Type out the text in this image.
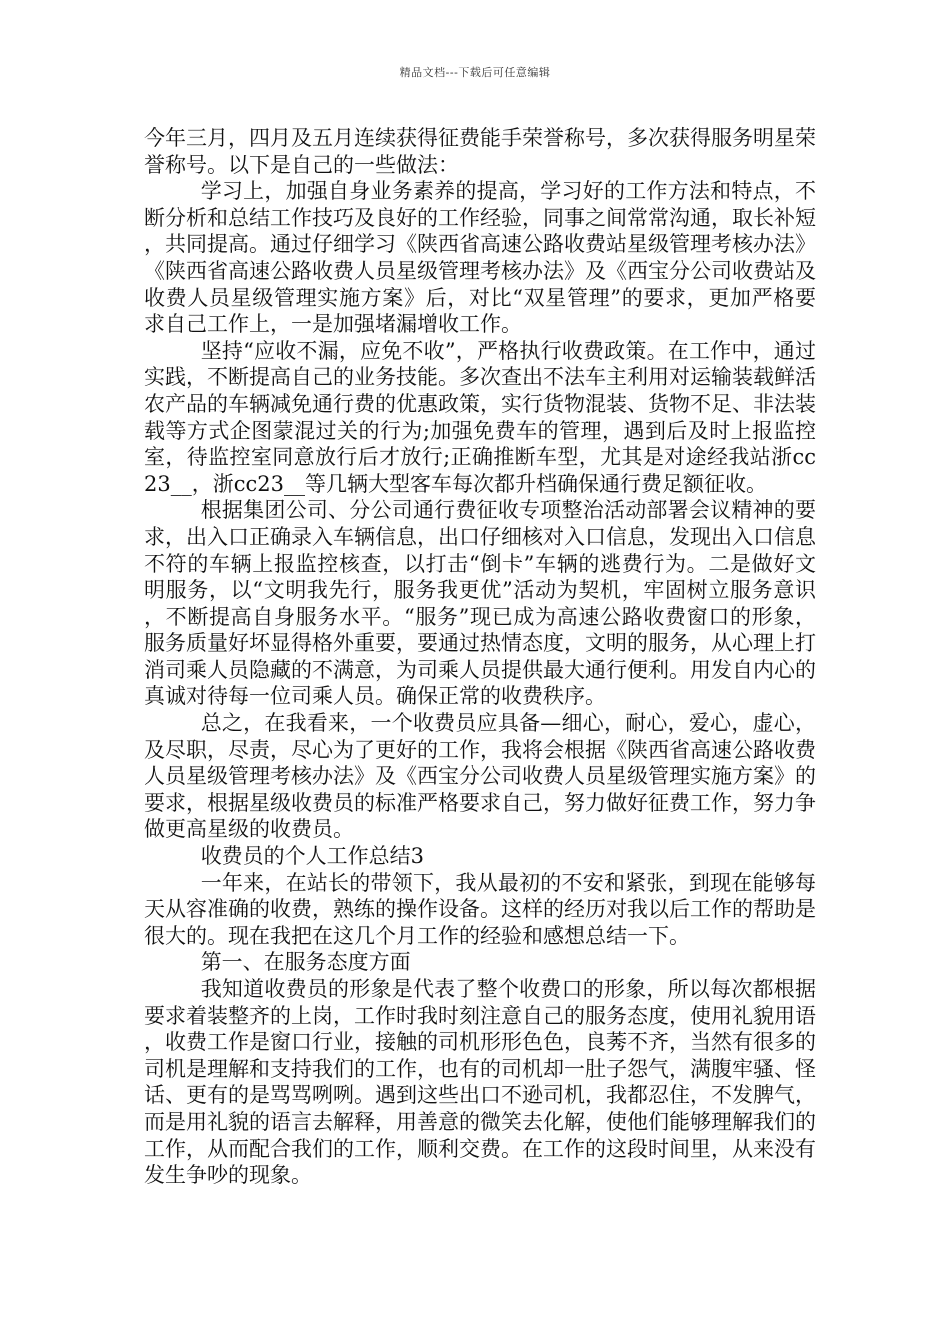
精品文档---下载后可任意编辑

今年三月，四月及五月连续获得征费能手荣誉称号，多次获得服务明星荣誉称号。以下是自己的一些做法：

学习上，加强自身业务素养的提高，学习好的工作方法和特点，不断分析和总结工作技巧及良好的工作经验，同事之间常常沟通，取长补短，共同提高。通过仔细学习《陕西省高速公路收费站星级管理考核办法》《陕西省高速公路收费人员星级管理考核办法》及《西宝分公司收费站及收费人员星级管理实施方案》后，对比“双星管理”的要求，更加严格要求自己工作上，一是加强堵漏增收工作。

坚持“应收不漏，应免不收”，严格执行收费政策。在工作中，通过实践，不断提高自己的业务技能。多次查出不法车主利用对运输装载鲜活农产品的车辆减免通行费的优惠政策，实行货物混装、货物不足、非法装载等方式企图蒙混过关的行为;加强免费车的管理，遇到后及时上报监控室，待监控室同意放行后才放行;正确推断车型，尤其是对途经我站浙cc23__，浙cc23__等几辆大型客车每次都升档确保通行费足额征收。

根据集团公司、分公司通行费征收专项整治活动部署会议精神的要求，出入口正确录入车辆信息，出口仔细核对入口信息，发现出入口信息不符的车辆上报监控核查，以打击“倒卡”车辆的逃费行为。二是做好文明服务，以“文明我先行，服务我更优”活动为契机，牢固树立服务意识，不断提高自身服务水平。“服务”现已成为高速公路收费窗口的形象，服务质量好坏显得格外重要，要通过热情态度，文明的服务，从心理上打消司乘人员隐藏的不满意，为司乘人员提供最大通行便利。用发自内心的真诚对待每一位司乘人员。确保正常的收费秩序。

总之，在我看来，一个收费员应具备—细心，耐心，爱心，虚心，及尽职，尽责，尽心为了更好的工作，我将会根据《陕西省高速公路收费人员星级管理考核办法》及《西宝分公司收费人员星级管理实施方案》的要求，根据星级收费员的标准严格要求自己，努力做好征费工作，努力争做更高星级的收费员。

收费员的个人工作总结3

一年来，在站长的带领下，我从最初的不安和紧张，到现在能够每天从容准确的收费，熟练的操作设备。这样的经历对我以后工作的帮助是很大的。现在我把在这几个月工作的经验和感想总结一下。

第一、在服务态度方面

我知道收费员的形象是代表了整个收费口的形象，所以每次都根据要求着装整齐的上岗，工作时我时刻注意自己的服务态度，使用礼貌用语，收费工作是窗口行业，接触的司机形形色色，良莠不齐，当然有很多的司机是理解和支持我们的工作，也有的司机却一肚子怨气，满腹牢骚、怪话、更有的是骂骂咧咧。遇到这些出口不逊司机，我都忍住，不发脾气，而是用礼貌的语言去解释，用善意的微笑去化解，使他们能够理解我们的工作，从而配合我们的工作，顺利交费。在工作的这段时间里，从来没有发生争吵的现象。
